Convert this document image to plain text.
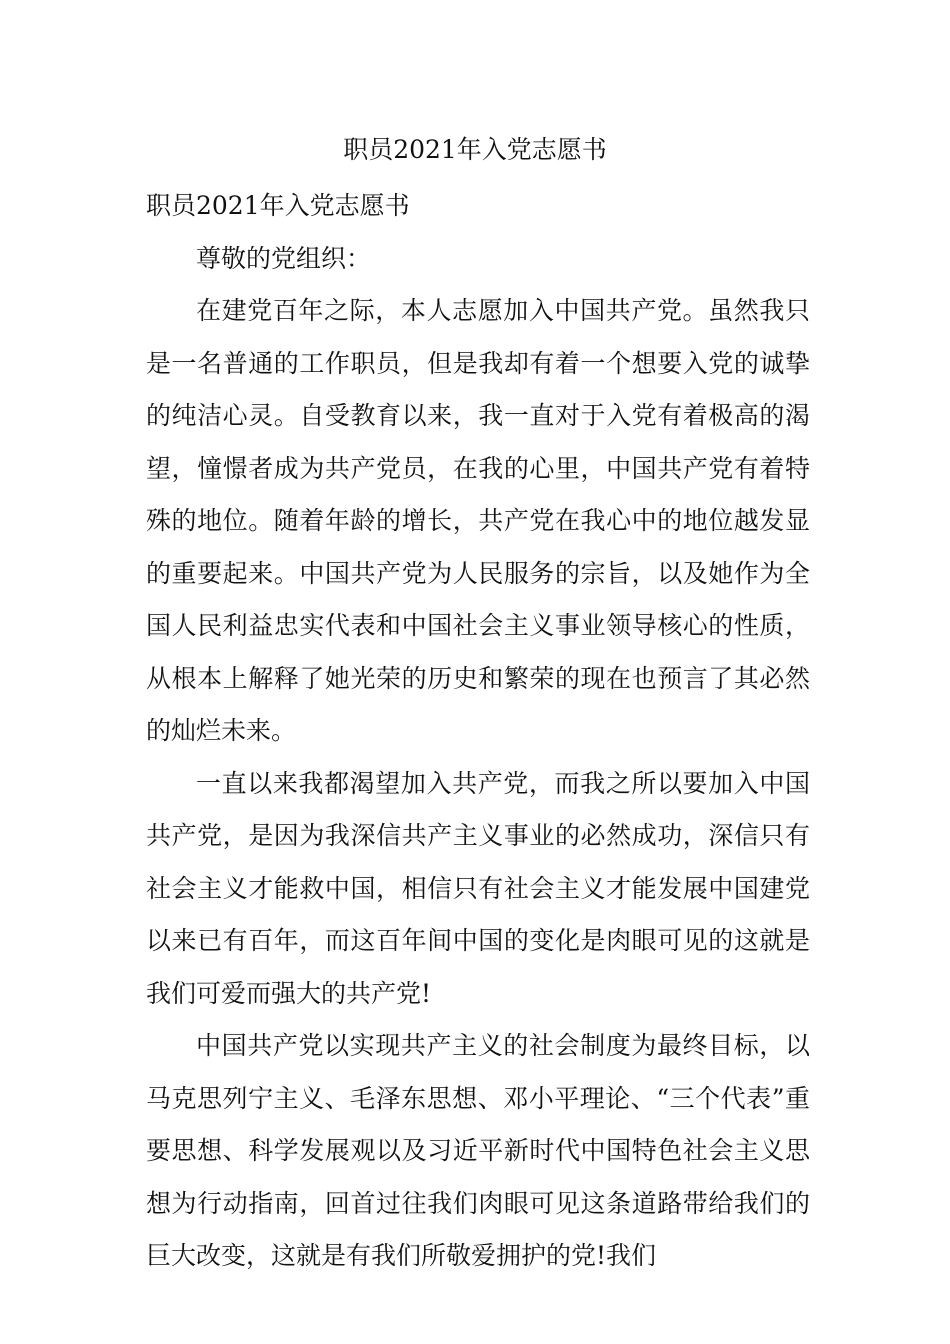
职员2021年入党志愿书

职员2021年入党志愿书

尊敬的党组织：

在建党百年之际，本人志愿加入中国共产党。虽然我只是一名普通的工作职员，但是我却有着一个想要入党的诚挚的纯洁心灵。自受教育以来，我一直对于入党有着极高的渴望，憧憬者成为共产党员，在我的心里，中国共产党有着特殊的地位。随着年龄的增长，共产党在我心中的地位越发显的重要起来。中国共产党为人民服务的宗旨，以及她作为全国人民利益忠实代表和中国社会主义事业领导核心的性质，从根本上解释了她光荣的历史和繁荣的现在也预言了其必然的灿烂未来。

一直以来我都渴望加入共产党，而我之所以要加入中国共产党，是因为我深信共产主义事业的必然成功，深信只有社会主义才能救中国，相信只有社会主义才能发展中国建党以来已有百年，而这百年间中国的变化是肉眼可见的这就是我们可爱而强大的共产党!

中国共产党以实现共产主义的社会制度为最终目标，以马克思列宁主义、毛泽东思想、邓小平理论、“三个代表”重要思想、科学发展观以及习近平新时代中国特色社会主义思想为行动指南，回首过往我们肉眼可见这条道路带给我们的巨大改变，这就是有我们所敬爱拥护的党!我们
